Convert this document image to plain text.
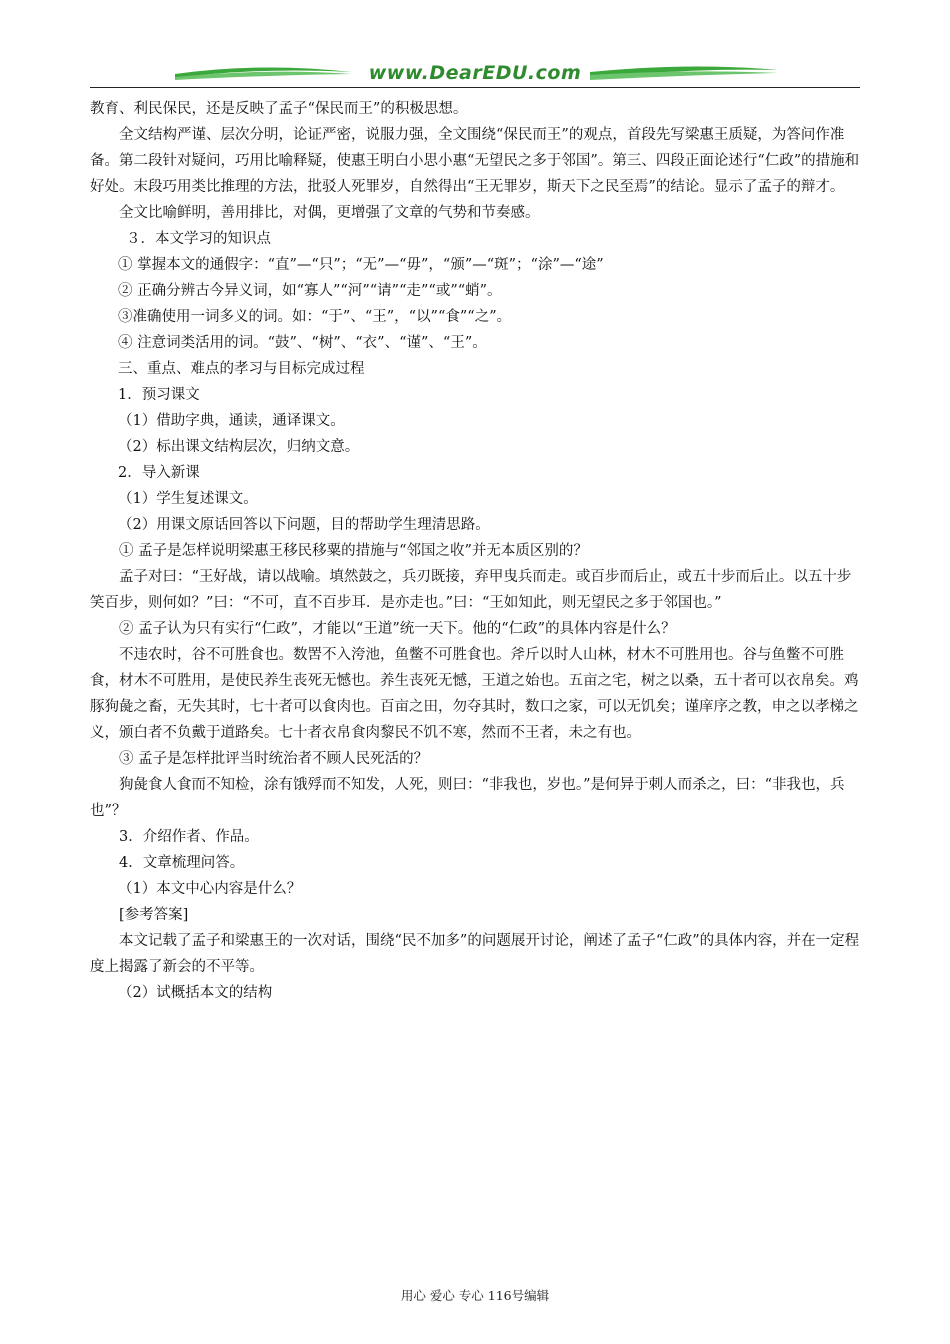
www.DearEDU.com

教育、利民保民，还是反映了孟子“保民而王”的积极思想。

全文结构严谨、层次分明，论证严密，说服力强，全文围绕“保民而王”的观点，首段先写梁惠王质疑，为答问作准备。第二段针对疑问，巧用比喻释疑，使惠王明白小思小惠“无望民之多于邻国”。第三、四段正面论述行“仁政”的措施和好处。末段巧用类比推理的方法，批驳人死罪岁，自然得出“王无罪岁，斯天下之民至焉”的结论。显示了孟子的辩才。

全文比喻鲜明，善用排比，对偶，更增强了文章的气势和节奏感。

３．本文学习的知识点

① 掌握本文的通假字：“直”—“只”；“无”—“毋”，“颁”—“斑”；“涂”—“途”

② 正确分辨古今异义词，如“寡人”“河”“请”“走”“或”“蛸”。

③准确使用一词多义的词。如：“于”、“王”，“以”“食”“之”。

④ 注意词类活用的词。“鼓”、“树”、“衣”、“谨”、“王”。

三、重点、难点的孝习与目标完成过程

1．预习课文

（1）借助字典，通读，通译课文。

（2）标出课文结构层次，归纳文意。

2．导入新课

（1）学生复述课文。

（2）用课文原话回答以下问题，目的帮助学生理清思路。

① 孟子是怎样说明梁惠王移民移粟的措施与“邻国之收”并无本质区别的？

孟子对曰：“王好战，请以战喻。填然鼓之，兵刃既接，弃甲曳兵而走。或百步而后止，或五十步而后止。以五十步笑百步，则何如？”曰：“不可，直不百步耳．是亦走也。”曰：“王如知此，则无望民之多于邻国也。”

② 孟子认为只有实行“仁政”，才能以“王道”统一天下。他的“仁政”的具体内容是什么？

不违农时，谷不可胜食也。数罟不入洿池，鱼鳖不可胜食也。斧斤以时人山林，材木不可胜用也。谷与鱼鳖不可胜食，材木不可胜用，是使民养生丧死无憾也。养生丧死无憾，王道之始也。五亩之宅，树之以桑，五十者可以衣帛矣。鸡豚狗彘之畜，无失其时，七十者可以食肉也。百亩之田，勿夺其时，数口之家，可以无饥矣；谨庠序之教，申之以孝梯之义，颁白者不负戴于道路矣。七十者衣帛食肉黎民不饥不寒，然而不王者，未之有也。

③ 孟子是怎样批评当时统治者不顾人民死活的？

狗彘食人食而不知检，涂有饿殍而不知发，人死，则曰：“非我也，岁也。”是何异于刺人而杀之，曰：“非我也，兵也”？

3．介绍作者、作品。

4．文章梳理问答。

（1）本文中心内容是什么？

[参考答案]

本文记载了孟子和梁惠王的一次对话，围绕“民不加多”的问题展开讨论，阐述了孟子“仁政”的具体内容，并在一定程度上揭露了新会的不平等。

（2）试概括本文的结构

用心 爱心 专心 116号编辑
